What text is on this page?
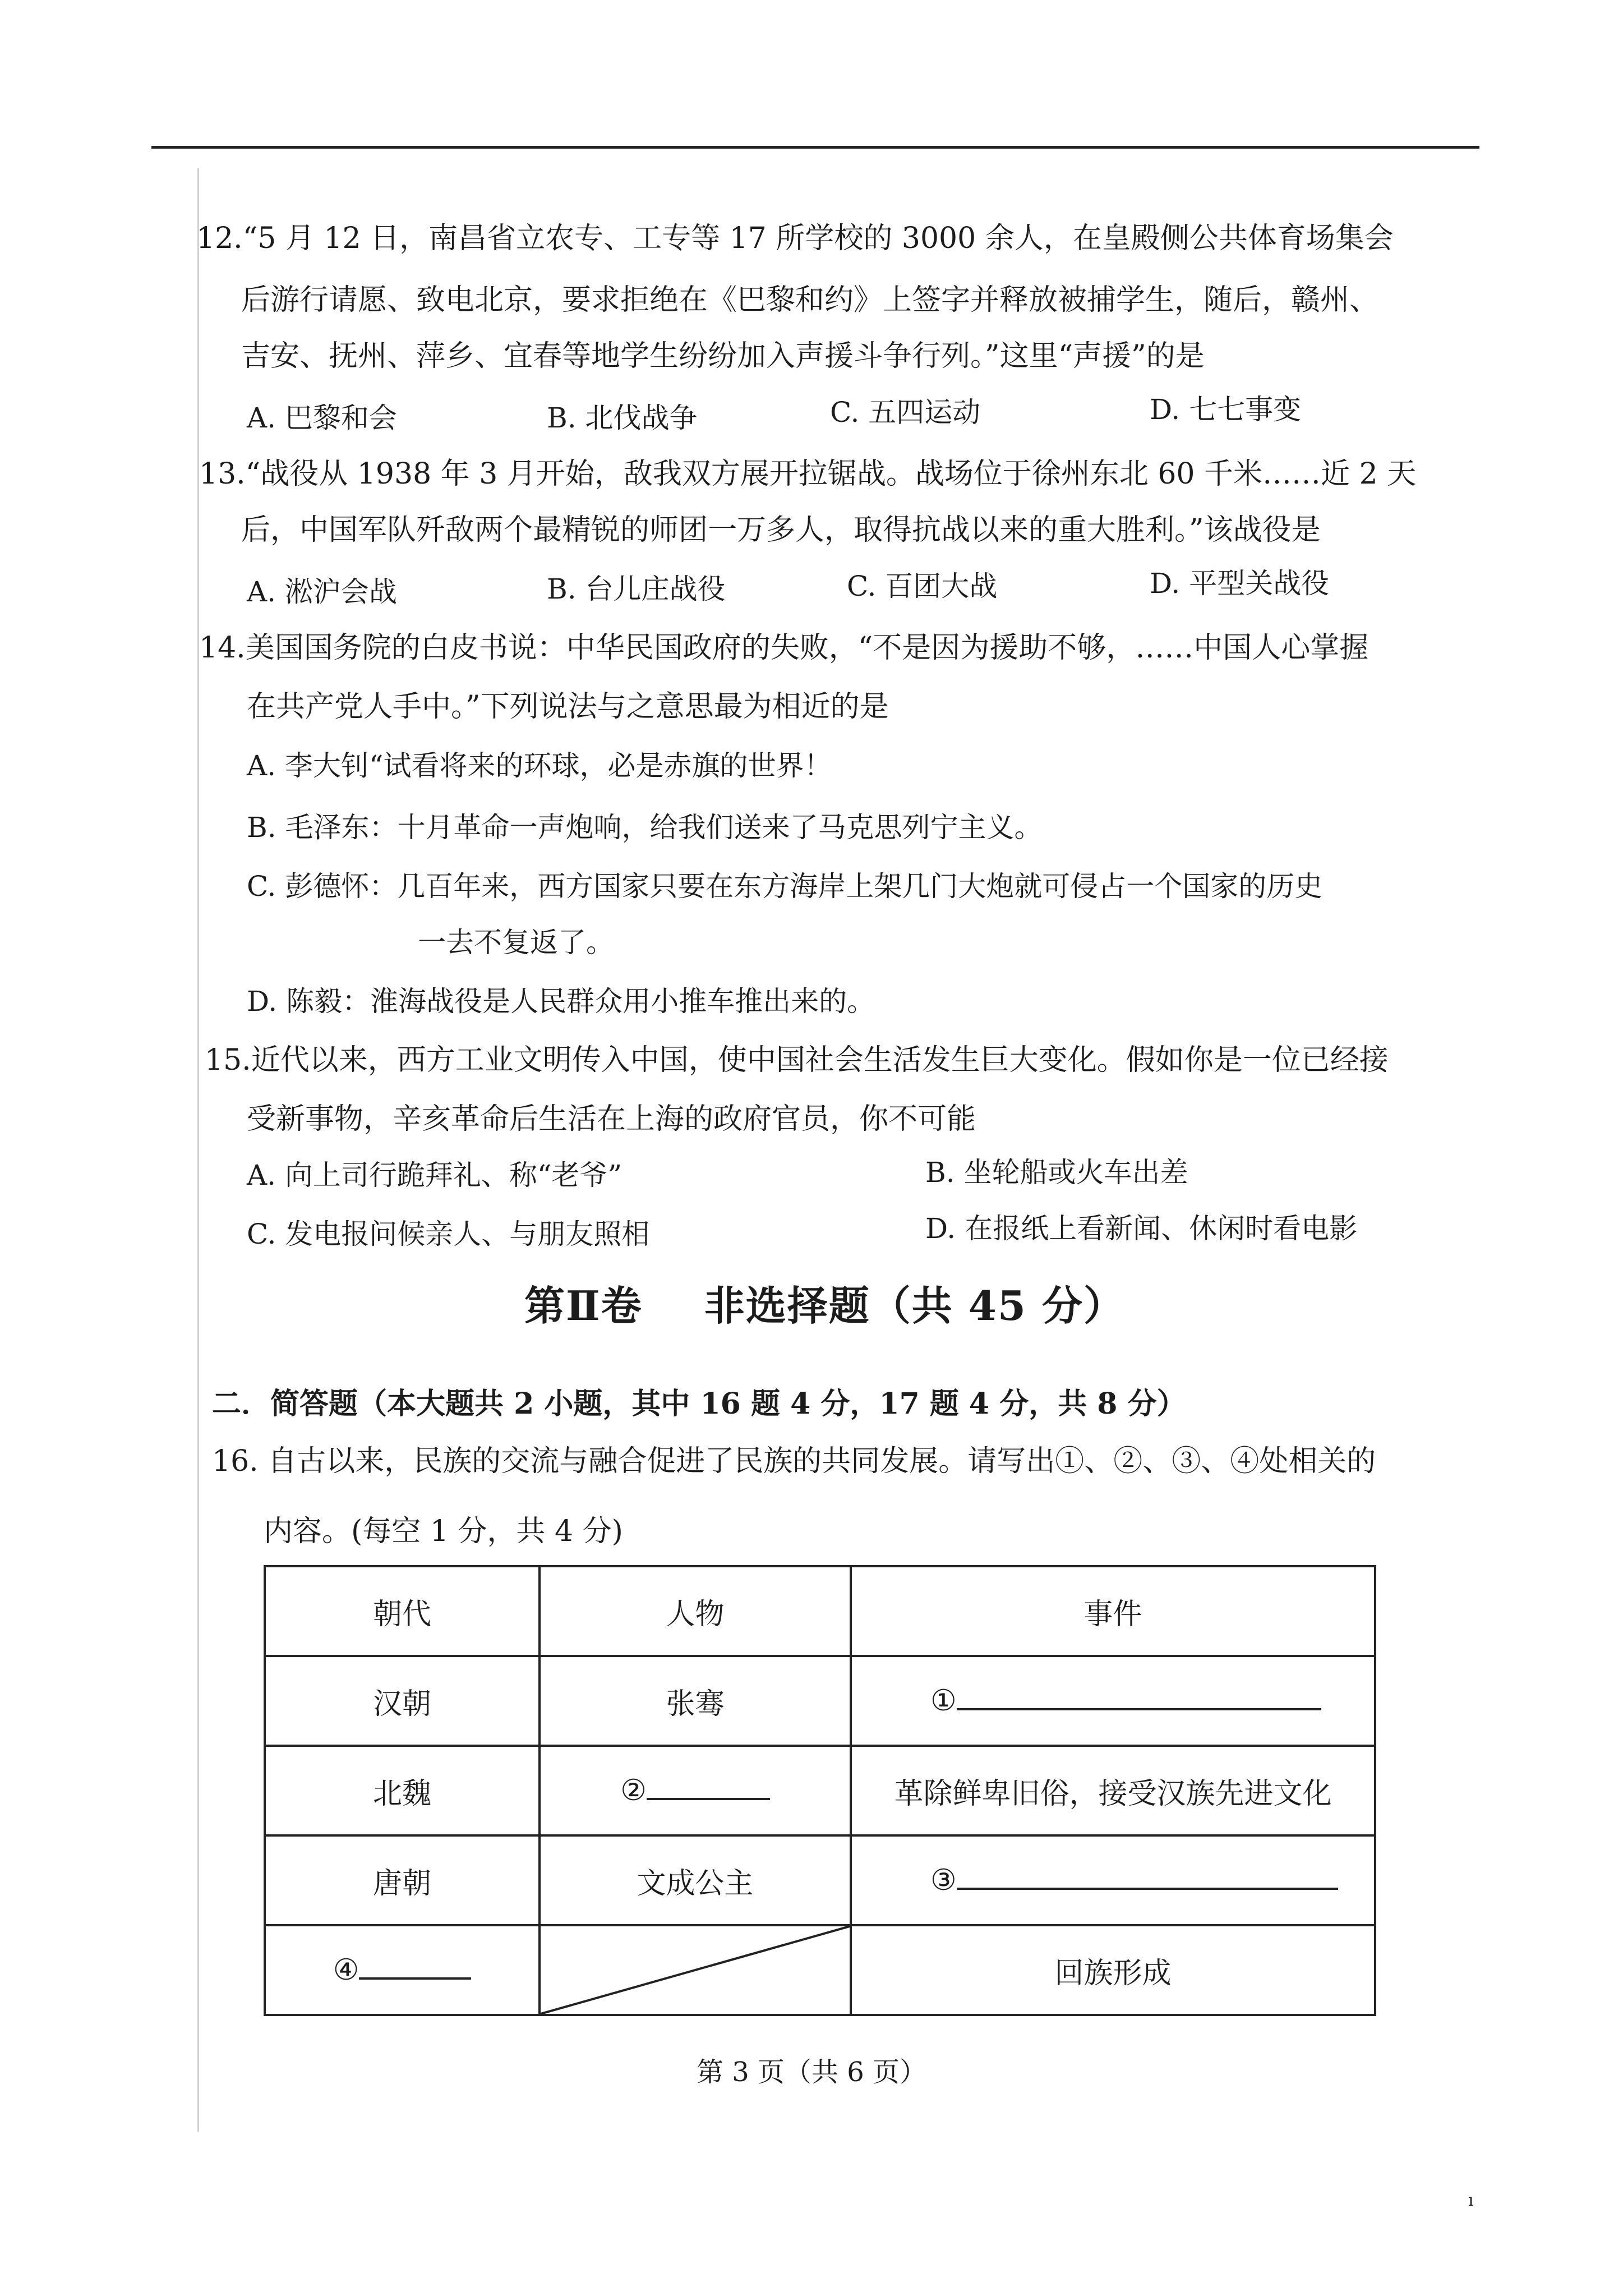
12.“5 月 12 日，南昌省立农专、工专等 17 所学校的 3000 余人，在皇殿侧公共体育场集会
后游行请愿、致电北京，要求拒绝在《巴黎和约》上签字并释放被捕学生，随后，赣州、
吉安、抚州、萍乡、宜春等地学生纷纷加入声援斗争行列。”这里“声援”的是
A. 巴黎和会	B. 北伐战争	C. 五四运动	D. 七七事变
13.“战役从 1938 年 3 月开始，敌我双方展开拉锯战。战场位于徐州东北 60 千米……近 2 天
后，中国军队歼敌两个最精锐的师团一万多人，取得抗战以来的重大胜利。”该战役是
A. 淞沪会战	B. 台儿庄战役	C. 百团大战	D. 平型关战役
14.美国国务院的白皮书说：中华民国政府的失败，“不是因为援助不够，……中国人心掌握
在共产党人手中。”下列说法与之意思最为相近的是
A. 李大钊“试看将来的环球，必是赤旗的世界！
B. 毛泽东：十月革命一声炮响，给我们送来了马克思列宁主义。
C. 彭德怀：几百年来，西方国家只要在东方海岸上架几门大炮就可侵占一个国家的历史
一去不复返了。
D. 陈毅：淮海战役是人民群众用小推车推出来的。
15.近代以来，西方工业文明传入中国，使中国社会生活发生巨大变化。假如你是一位已经接
受新事物，辛亥革命后生活在上海的政府官员，你不可能
A. 向上司行跪拜礼、称“老爷”	B. 坐轮船或火车出差
C. 发电报问候亲人、与朋友照相	D. 在报纸上看新闻、休闲时看电影
第Ⅱ卷 非选择题（共 45 分）
二．简答题（本大题共 2 小题，其中 16 题 4 分，17 题 4 分，共 8 分）
16. 自古以来，民族的交流与融合促进了民族的共同发展。请写出①、②、③、④处相关的
内容。(每空 1 分，共 4 分)
朝代	人物	事件
汉朝	张骞	①
北魏	②	革除鲜卑旧俗，接受汉族先进文化
唐朝	文成公主	③
④		回族形成
第 3 页（共 6 页）
ı
